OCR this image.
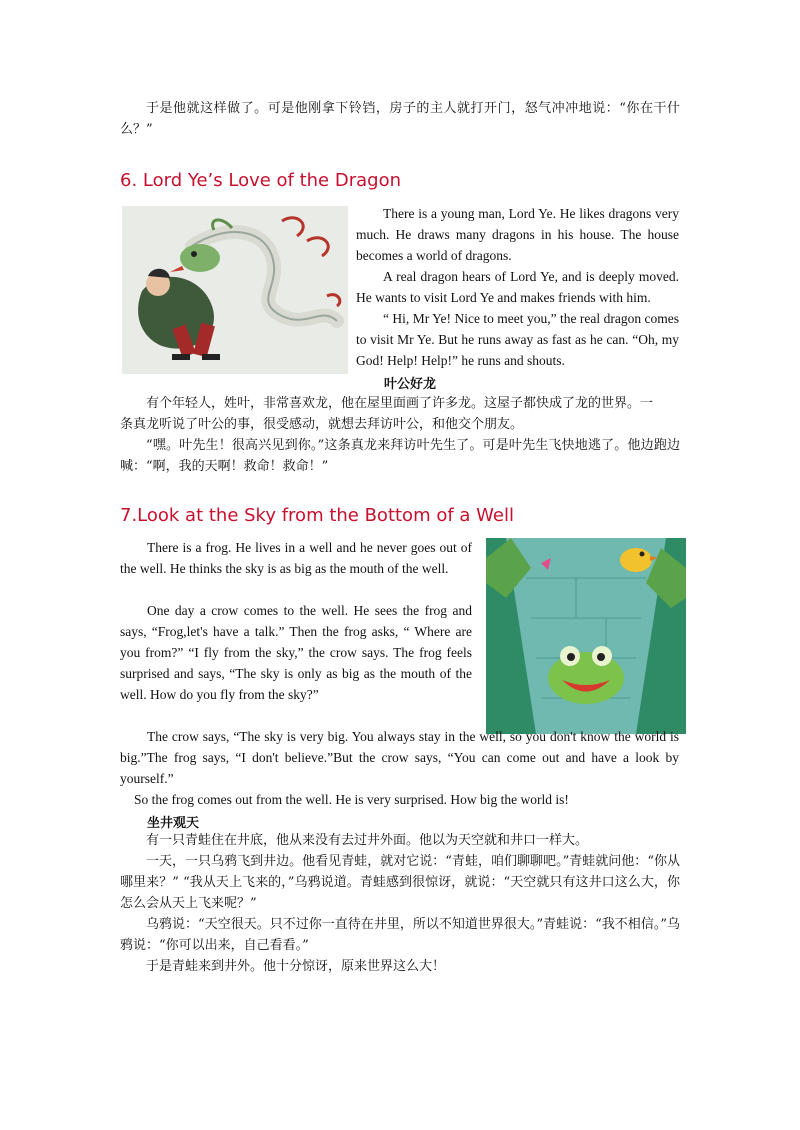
于是他就这样做了。可是他刚拿下铃铛，房子的主人就打开门，怒气冲冲地说：“你在干什么？”

6. Lord Ye’s Love of the Dragon

There is a young man, Lord Ye. He likes dragons very much. He draws many dragons in his house. The house becomes a world of dragons.

A real dragon hears of Lord Ye, and is deeply moved. He wants to visit Lord Ye and makes friends with him.

“ Hi, Mr Ye! Nice to meet you,” the real dragon comes to visit Mr Ye. But he runs away as fast as he can. “Oh, my God! Help! Help!” he runs and shouts.

叶公好龙

有个年轻人，姓叶，非常喜欢龙，他在屋里面画了许多龙。这屋子都快成了龙的世界。一条真龙听说了叶公的事，很受感动，就想去拜访叶公，和他交个朋友。

“嘿。叶先生！很高兴见到你。”这条真龙来拜访叶先生了。可是叶先生飞快地逃了。他边跑边喊：“啊，我的天啊！救命！救命！”

7.Look at the Sky from the Bottom of a Well

There is a frog. He lives in a well and he never goes out of the well. He thinks the sky is as big as the mouth of the well.

One day a crow comes to the well. He sees the frog and says, “Frog,let's have a talk.” Then the frog asks, “ Where are you from?” “I fly from the sky,” the crow says. The frog feels surprised and says, “The sky is only as big as the mouth of the well. How do you fly from the sky?”

The crow says, “The sky is very big. You always stay in the well, so you don't know the world is big.”The frog says, “I don't believe.”But the crow says, “You can come out and have a look by yourself.”

So the frog comes out from the well. He is very surprised. How big the world is!

坐井观天

有一只青蛙住在井底，他从来没有去过井外面。他以为天空就和井口一样大。

一天，一只乌鸦飞到井边。他看见青蛙，就对它说：“青蛙，咱们聊聊吧。”青蛙就问他：“你从哪里来？” “我从天上飞来的，”乌鸦说道。青蛙感到很惊讶，就说：“天空就只有这井口这么大，你怎么会从天上飞来呢？”

乌鸦说：“天空很天。只不过你一直待在井里，所以不知道世界很大。”青蛙说：“我不相信。”乌鸦说：“你可以出来，自己看看。”

于是青蛙来到井外。他十分惊讶，原来世界这么大！
